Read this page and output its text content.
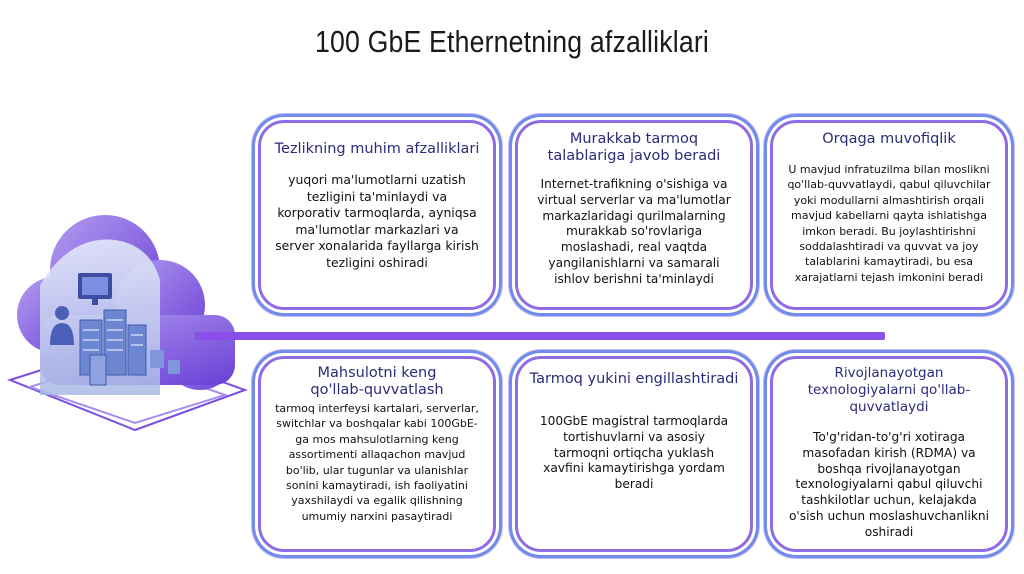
100 GbE Ethernetning afzalliklari
Tezlikning muhim afzalliklari

yuqori ma'lumotlarni uzatish tezligini ta'minlaydi va korporativ tarmoqlarda, ayniqsa ma'lumotlar markazlari va server xonalarida fayllarga kirish tezligini oshiradi

Murakkab tarmoq talablariga javob beradi

Internet-trafikning o'sishiga va virtual serverlar va ma'lumotlar markazlaridagi qurilmalarning murakkab so'rovlariga moslashadi, real vaqtda yangilanishlarni va samarali ishlov berishni ta'minlaydi

Orqaga muvofiqlik

U mavjud infratuzilma bilan moslikni qo'llab-quvvatlaydi, qabul qiluvchilar yoki modullarni almashtirish orqali mavjud kabellarni qayta ishlatishga imkon beradi. Bu joylashtirishni soddalashtiradi va quvvat va joy talablarini kamaytiradi, bu esa xarajatlarni tejash imkonini beradi

Mahsulotni keng qo'llab-quvvatlash

tarmoq interfeysi kartalari, serverlar, switchlar va boshqalar kabi 100GbE-ga mos mahsulotlarning keng assortimenti allaqachon mavjud bo'lib, ular tugunlar va ulanishlar sonini kamaytiradi, ish faoliyatini yaxshilaydi va egalik qilishning umumiy narxini pasaytiradi

Tarmoq yukini engillashtiradi

100GbE magistral tarmoqlarda tortishuvlarni va asosiy tarmoqni ortiqcha yuklash xavfini kamaytirishga yordam beradi

Rivojlanayotgan texnologiyalarni qo'llab-quvvatlaydi

To'g'ridan-to'g'ri xotiraga masofadan kirish (RDMA) va boshqa rivojlanayotgan texnologiyalarni qabul qiluvchi tashkilotlar uchun, kelajakda o'sish uchun moslashuvchanlikni oshiradi
